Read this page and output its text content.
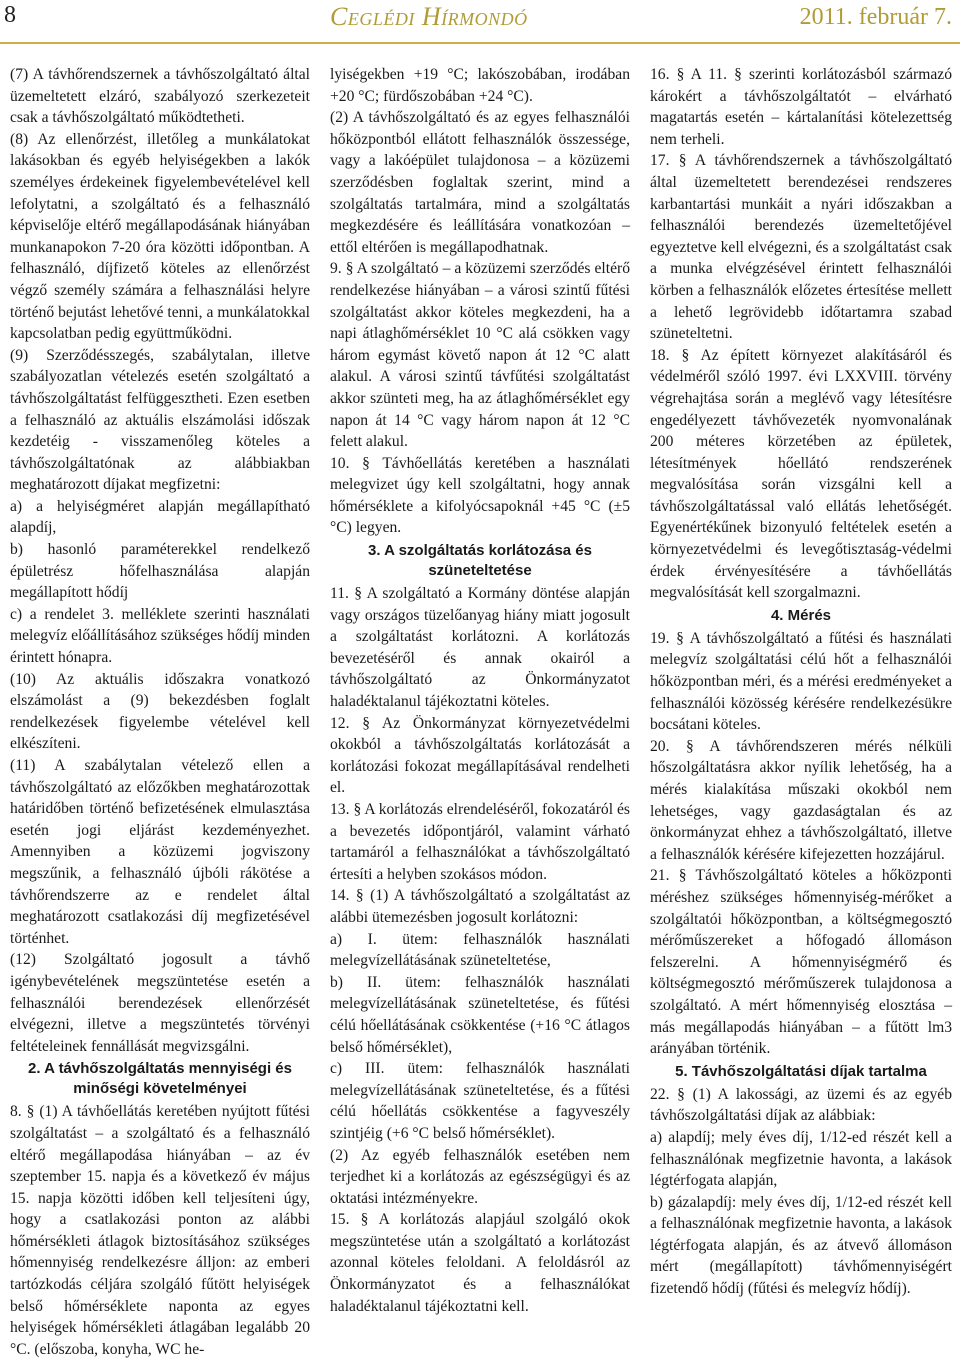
8	Ceglédi Hírmondó	2011. február 7.

(7) A távhőrendszernek a távhőszolgáltató által üzemeltetett elzáró, szabályozó szerkezeteit csak a távhőszolgáltató működtetheti.

(8) Az ellenőrzést, illetőleg a munkálatokat lakásokban és egyéb helyiségekben a lakók személyes érdekeinek figyelembevételével kell lefolytatni, a szolgáltató és a felhasználó képviselője eltérő megállapodásának hiányában munkanapokon 7-20 óra közötti időpontban. A felhasználó, díjfizető köteles az ellenőrzést végző személy számára a felhasználási helyre történő bejutást lehetővé tenni, a munkálatokkal kapcsolatban pedig együttműködni.

(9) Szerződésszegés, szabálytalan, illetve szabályozatlan vételezés esetén szolgáltató a távhőszolgáltatást felfüggesztheti. Ezen esetben a felhasználó az aktuális elszámolási időszak kezdetéig - visszamenőleg köteles a távhőszolgáltatónak az alábbiakban meghatározott díjakat megfizetni:

a) a helyiségméret alapján megállapítható alapdíj,

b) hasonló paraméterekkel rendelkező épületrész hőfelhasználása alapján megállapított hődíj

c) a rendelet 3. melléklete szerinti használati melegvíz előállításához szükséges hődíj minden érintett hónapra.

(10) Az aktuális időszakra vonatkozó elszámolást a (9) bekezdésben foglalt rendelkezések figyelembe vételével kell elkészíteni.

(11) A szabálytalan vételező ellen a távhőszolgáltató az előzőkben meghatározottak határidőben történő befizetésének elmulasztása esetén jogi eljárást kezdeményezhet. Amennyiben a közüzemi jogviszony megszűnik, a felhasználó újbóli rákötése a távhőrendszerre az e rendelet által meghatározott csatlakozási díj megfizetésével történhet.

(12) Szolgáltató jogosult a távhő igénybevételének megszüntetése esetén a felhasználói berendezések ellenőrzését elvégezni, illetve a megszüntetés törvényi feltételeinek fennállását megvizsgálni.

2. A távhőszolgáltatás mennyiségi és minőségi követelményei

8. § (1) A távhőellátás keretében nyújtott fűtési szolgáltatást – a szolgáltató és a felhasználó eltérő megállapodása hiányában – az év szeptember 15. napja és a következő év május 15. napja közötti időben kell teljesíteni úgy, hogy a csatlakozási ponton az alábbi hőmérsékleti átlagok biztosításához szükséges hőmennyiség rendelkezésre álljon: az emberi tartózkodás céljára szolgáló fűtött helyiségek belső hőmérséklete naponta az egyes helyiségek hőmérsékleti átlagában legalább 20 °C. (előszoba, konyha, WC he-

lyiségekben +19 °C; lakószobában, irodában +20 °C; fürdőszobában +24 °C).

(2) A távhőszolgáltató és az egyes felhasználói hőközpontból ellátott felhasználók összessége, vagy a lakóépület tulajdonosa – a közüzemi szerződésben foglaltak szerint, mind a szolgáltatás tartalmára, mind a szolgáltatás megkezdésére és leállítására vonatkozóan – ettől eltérően is megállapodhatnak.

9. § A szolgáltató – a közüzemi szerződés eltérő rendelkezése hiányában – a városi szintű fűtési szolgáltatást akkor köteles megkezdeni, ha a napi átlaghőmérséklet 10 °C alá csökken vagy három egymást követő napon át 12 °C alatt alakul. A városi szintű távfűtési szolgáltatást akkor szünteti meg, ha az átlaghőmérséklet egy napon át 14 °C vagy három napon át 12 °C felett alakul.

10. § Távhőellátás keretében a használati melegvizet úgy kell szolgáltatni, hogy annak hőmérséklete a kifolyócsapoknál +45 °C (±5 °C) legyen.

3. A szolgáltatás korlátozása és szüneteltetése

11. § A szolgáltató a Kormány döntése alapján vagy országos tüzelőanyag hiány miatt jogosult a szolgáltatást korlátozni. A korlátozás bevezetéséről és annak okairól a távhőszolgáltató az Önkormányzatot haladéktalanul tájékoztatni köteles.

12. § Az Önkormányzat környezetvédelmi okokból a távhőszolgáltatás korlátozását a korlátozási fokozat megállapításával rendelheti el.

13. § A korlátozás elrendeléséről, fokozatáról és a bevezetés időpontjáról, valamint várható tartamáról a felhasználókat a távhőszolgáltató értesíti a helyben szokásos módon.

14. § (1) A távhőszolgáltató a szolgáltatást az alábbi ütemezésben jogosult korlátozni:

a) I. ütem: felhasználók használati melegvízellátásának szüneteltetése,

b) II. ütem: felhasználók használati melegvízellátásának szüneteltetése, és fűtési célú hőellátásának csökkentése (+16 °C átlagos belső hőmérséklet),

c) III. ütem: felhasználók használati melegvízellátásának szüneteltetése, és a fűtési célú hőellátás csökkentése a fagyveszély szintjéig (+6 °C belső hőmérséklet).

(2) Az egyéb felhasználók esetében nem terjedhet ki a korlátozás az egészségügyi és az oktatási intézményekre.

15. § A korlátozás alapjául szolgáló okok megszüntetése után a szolgáltató a korlátozást azonnal köteles feloldani. A feloldásról az Önkormányzatot és a felhasználókat haladéktalanul tájékoztatni kell.

16. § A 11. § szerinti korlátozásból származó károkért a távhőszolgáltatót – elvárható magatartás esetén – kártalanítási kötelezettség nem terheli.

17. § A távhőrendszernek a távhőszolgáltató által üzemeltetett berendezései rendszeres karbantartási munkáit a nyári időszakban a felhasználói berendezés üzemeltetőjével egyeztetve kell elvégezni, és a szolgáltatást csak a munka elvégzésével érintett felhasználói körben a felhasználók előzetes értesítése mellett a lehető legrövidebb időtartamra szabad szüneteltetni.

18. § Az épített környezet alakításáról és védelméről szóló 1997. évi LXXVIII. törvény végrehajtása során a meglévő vagy létesítésre engedélyezett távhővezeték nyomvonalának 200 méteres körzetében az épületek, létesítmények hőellátó rendszerének megvalósítása során vizsgálni kell a távhőszolgáltatással való ellátás lehetőségét. Egyenértékűnek bizonyuló feltételek esetén a környezetvédelmi és levegőtisztaság-védelmi érdek érvényesítésére a távhőellátás megvalósítását kell szorgalmazni.

4. Mérés

19. § A távhőszolgáltató a fűtési és használati melegvíz szolgáltatási célú hőt a felhasználói hőközpontban méri, és a mérési eredményeket a felhasználói közösség kérésére rendelkezésükre bocsátani köteles.

20. § A távhőrendszeren mérés nélküli hőszolgáltatásra akkor nyílik lehetőség, ha a mérés kialakítása műszaki okokból nem lehetséges, vagy gazdaságtalan és az önkormányzat ehhez a távhőszolgáltató, illetve a felhasználók kérésére kifejezetten hozzájárul.

21. § Távhőszolgáltató köteles a hőközponti méréshez szükséges hőmennyiség-mérőket a szolgáltatói hőközpontban, a költségmegosztó mérőműszereket a hőfogadó állomáson felszerelni. A hőmennyiségmérő és költségmegosztó mérőműszerek tulajdonosa a szolgáltató. A mért hőmennyiség elosztása – más megállapodás hiányában – a fűtött lm3 arányában történik.

5. Távhőszolgáltatási díjak tartalma

22. § (1) A lakossági, az üzemi és az egyéb távhőszolgáltatási díjak az alábbiak:

a) alapdíj; mely éves díj, 1/12-ed részét kell a felhasználónak megfizetnie havonta, a lakások légtérfogata alapján,

b) gázalapdíj: mely éves díj, 1/12-ed részét kell a felhasználónak megfizetnie havonta, a lakások légtérfogata alapján, és az átvevő állomáson mért (megállapított) távhőmennyiségért fizetendő hődíj (fűtési és melegvíz hődíj).
